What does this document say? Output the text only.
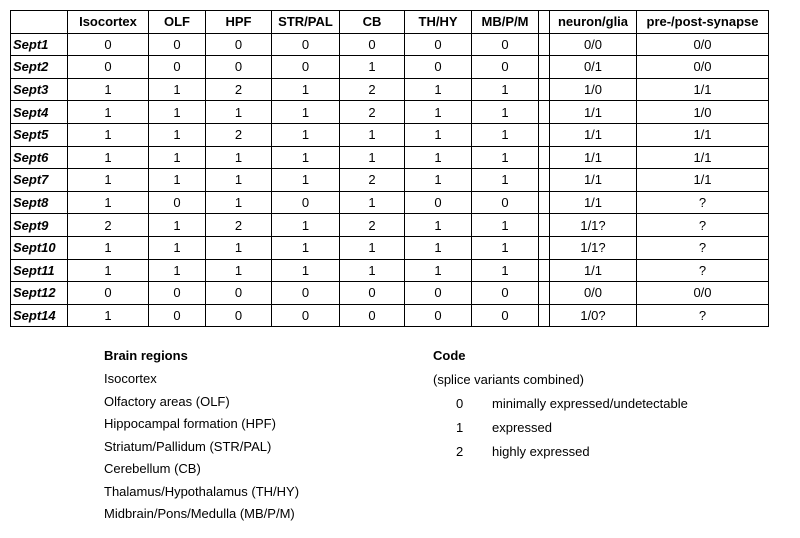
	Isocortex	OLF	HPF	STR/PAL	CB	TH/HY	MB/P/M		neuron/glia	pre-/post-synapse
Sept1	0	0	0	0	0	0	0		0/0	0/0
Sept2	0	0	0	0	1	0	0		0/1	0/0
Sept3	1	1	2	1	2	1	1		1/0	1/1
Sept4	1	1	1	1	2	1	1		1/1	1/0
Sept5	1	1	2	1	1	1	1		1/1	1/1
Sept6	1	1	1	1	1	1	1		1/1	1/1
Sept7	1	1	1	1	2	1	1		1/1	1/1
Sept8	1	0	1	0	1	0	0		1/1	?
Sept9	2	1	2	1	2	1	1		1/1?	?
Sept10	1	1	1	1	1	1	1		1/1?	?
Sept11	1	1	1	1	1	1	1		1/1	?
Sept12	0	0	0	0	0	0	0		0/0	0/0
Sept14	1	0	0	0	0	0	0		1/0?	?
Brain regions
Isocortex
Olfactory areas (OLF)
Hippocampal formation (HPF)
Striatum/Pallidum (STR/PAL)
Cerebellum (CB)
Thalamus/Hypothalamus (TH/HY)
Midbrain/Pons/Medulla (MB/P/M)
Code
(splice variants combined)
0 minimally expressed/undetectable
1 expressed
2 highly expressed
